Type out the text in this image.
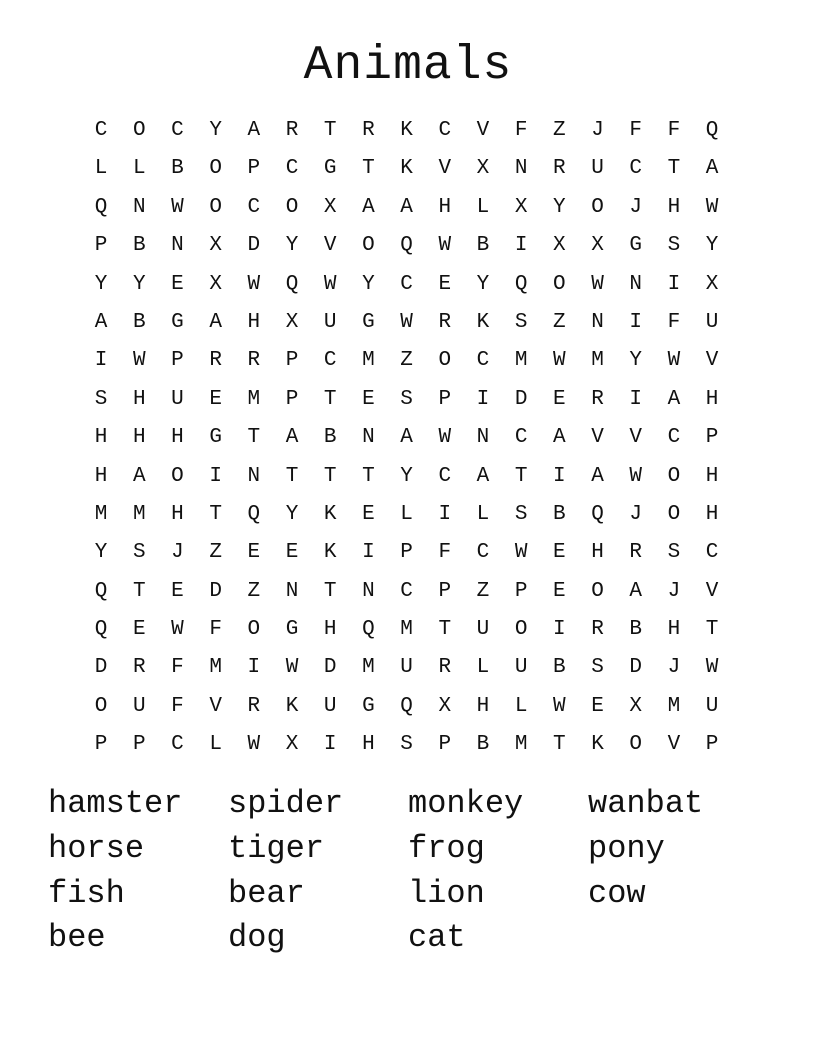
Animals
C	O	C	Y	A	R	T	R	K	C	V	F	Z	J	F	F	Q
L	L	B	O	P	C	G	T	K	V	X	N	R	U	C	T	A
Q	N	W	O	C	O	X	A	A	H	L	X	Y	O	J	H	W
P	B	N	X	D	Y	V	O	Q	W	B	I	X	X	G	S	Y
Y	Y	E	X	W	Q	W	Y	C	E	Y	Q	O	W	N	I	X
A	B	G	A	H	X	U	G	W	R	K	S	Z	N	I	F	U
I	W	P	R	R	P	C	M	Z	O	C	M	W	M	Y	W	V
S	H	U	E	M	P	T	E	S	P	I	D	E	R	I	A	H
H	H	H	G	T	A	B	N	A	W	N	C	A	V	V	C	P
H	A	O	I	N	T	T	T	Y	C	A	T	I	A	W	O	H
M	M	H	T	Q	Y	K	E	L	I	L	S	B	Q	J	O	H
Y	S	J	Z	E	E	K	I	P	F	C	W	E	H	R	S	C
Q	T	E	D	Z	N	T	N	C	P	Z	P	E	O	A	J	V
Q	E	W	F	O	G	H	Q	M	T	U	O	I	R	B	H	T
D	R	F	M	I	W	D	M	U	R	L	U	B	S	D	J	W
O	U	F	V	R	K	U	G	Q	X	H	L	W	E	X	M	U
P	P	C	L	W	X	I	H	S	P	B	M	T	K	O	V	P
hamster	spider	monkey	wanbat
horse	tiger	frog	pony
fish	bear	lion	cow
bee	dog	cat
